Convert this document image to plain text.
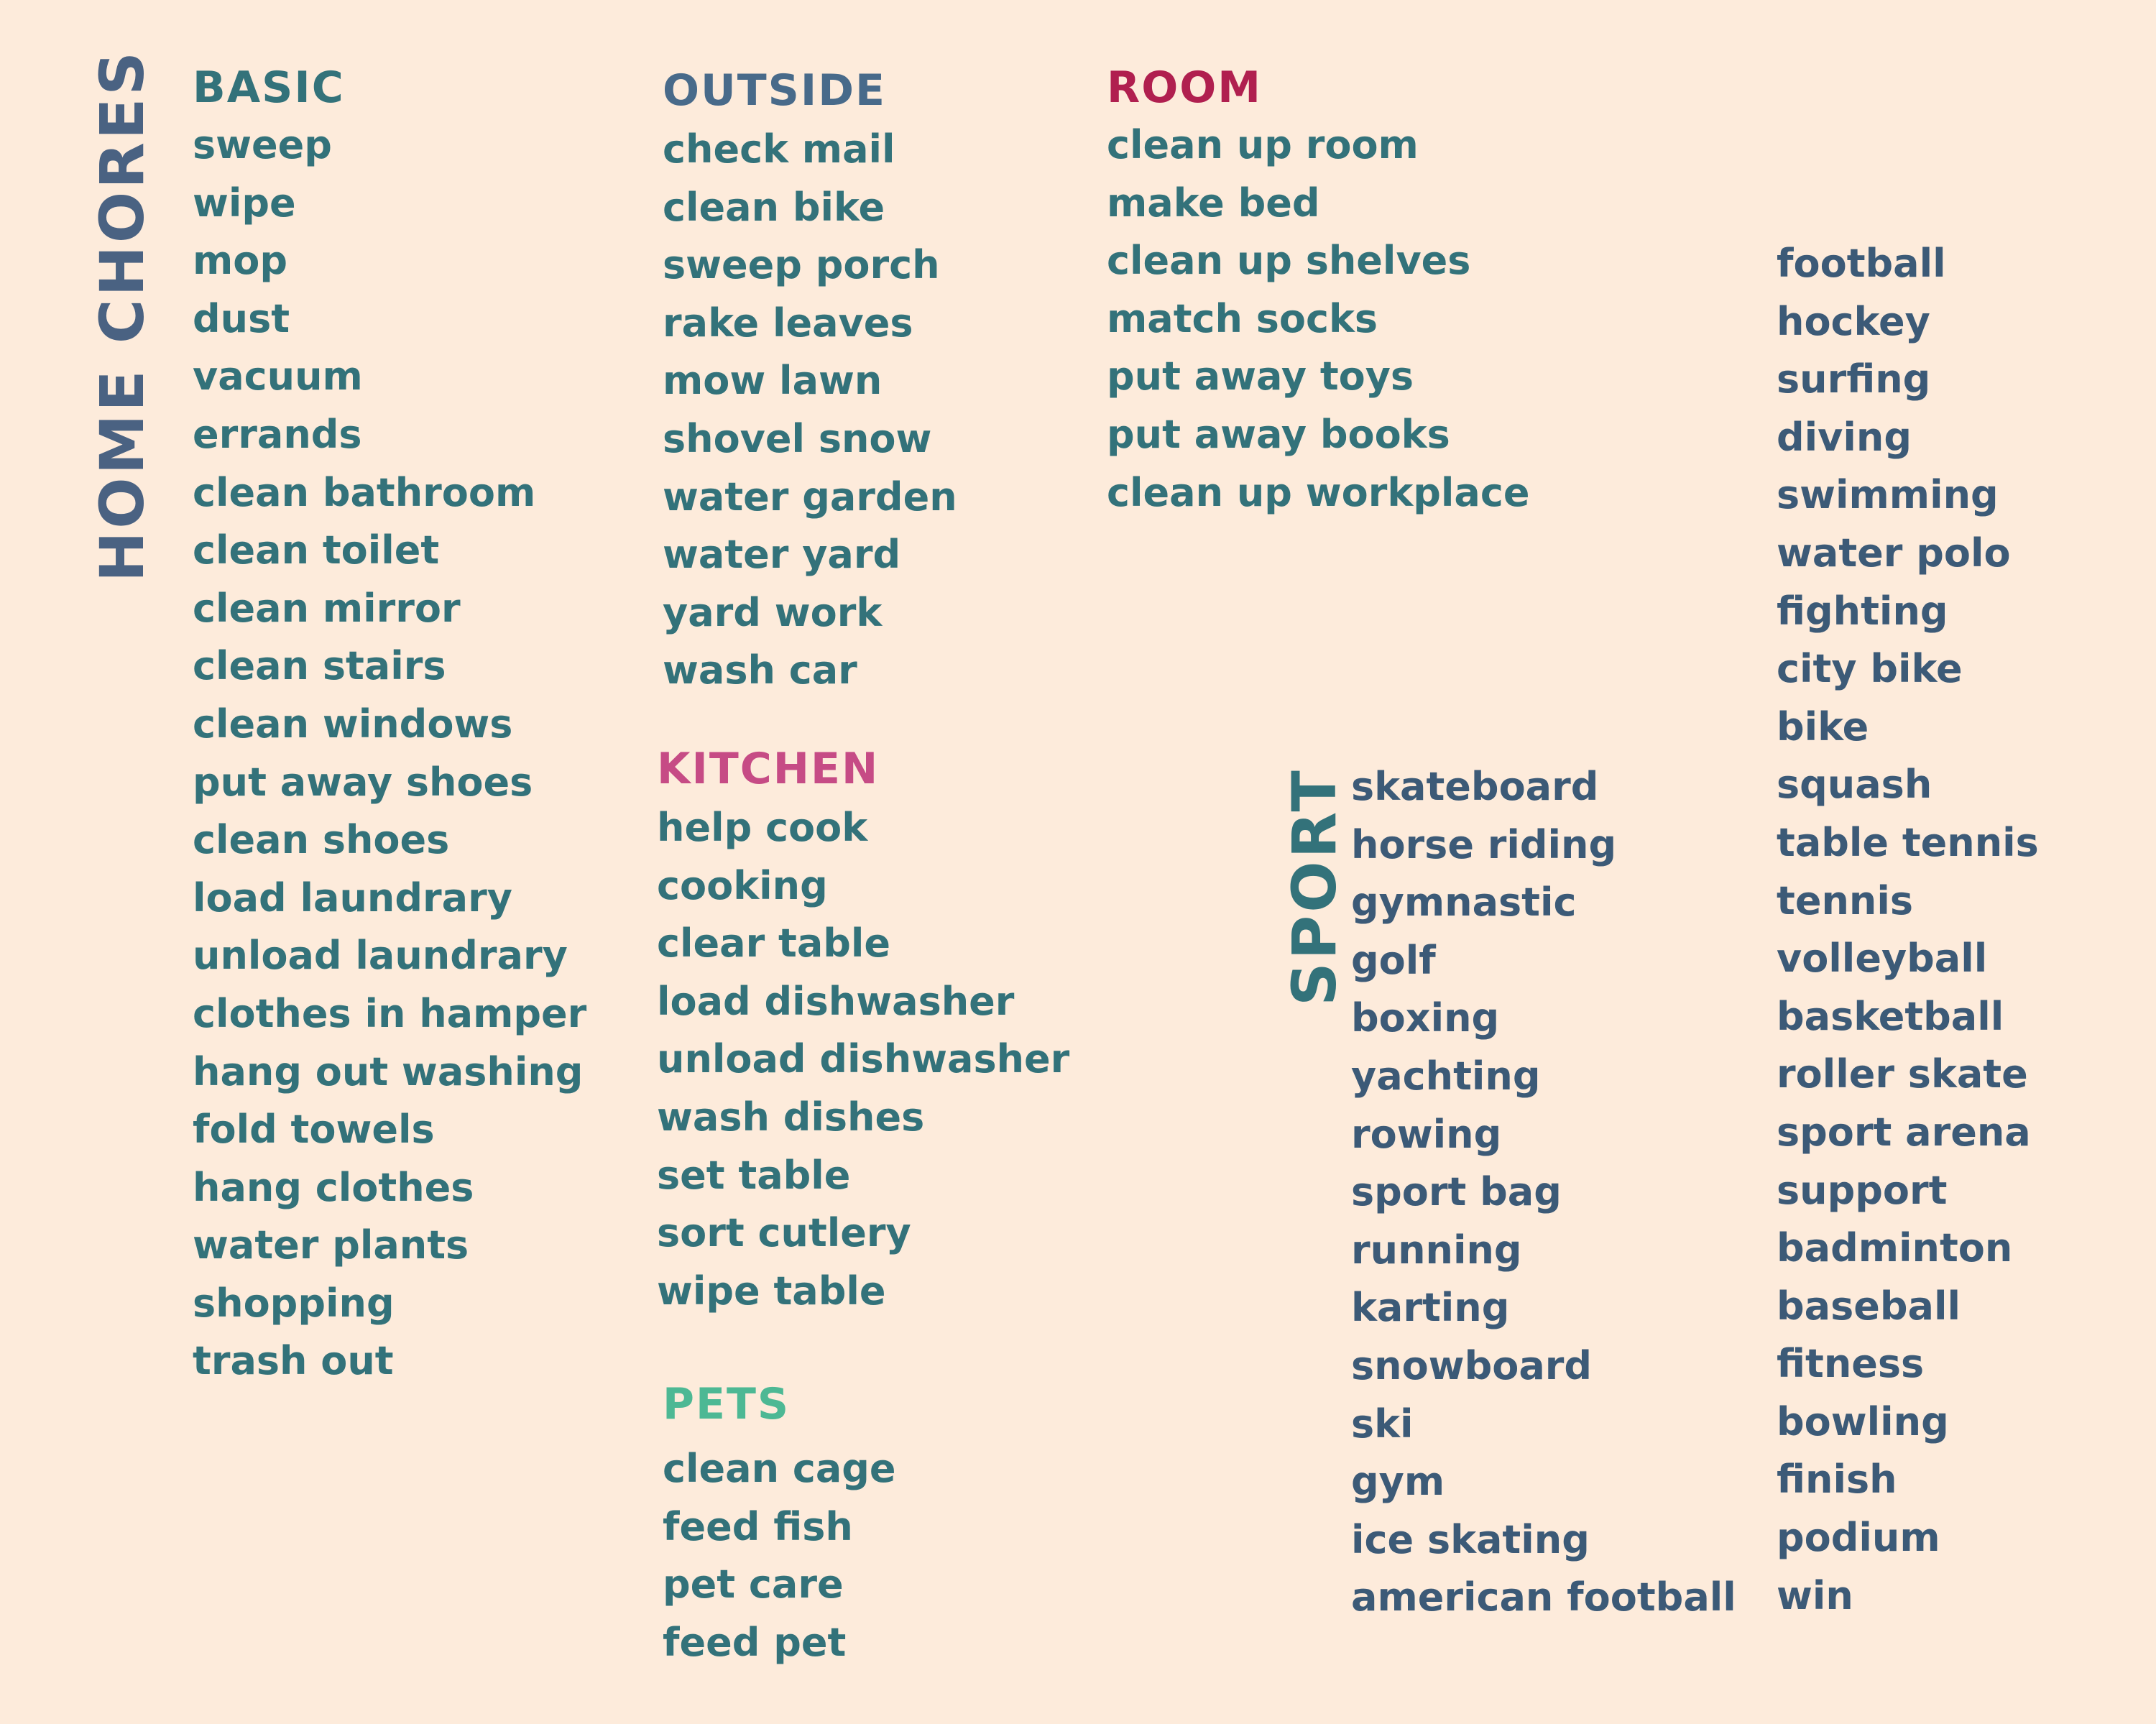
HOME CHORES
SPORT
BASIC
sweep
wipe
mop
dust
vacuum
errands
clean bathroom
clean toilet
clean mirror
clean stairs
clean windows
put away shoes
clean shoes
load laundrary
unload laundrary
clothes in hamper
hang out washing
fold towels
hang clothes
water plants
shopping
trash out
OUTSIDE
check mail
clean bike
sweep porch
rake leaves
mow lawn
shovel snow
water garden
water yard
yard work
wash car
ROOM
clean up room
make bed
clean up shelves
match socks
put away toys
put away books
clean up workplace
KITCHEN
help cook
cooking
clear table
load dishwasher
unload dishwasher
wash dishes
set table
sort cutlery
wipe table
PETS
clean cage
feed fish
pet care
feed pet
skateboard
horse riding
gymnastic
golf
boxing
yachting
rowing
sport bag
running
karting
snowboard
ski
gym
ice skating
american football
football
hockey
surfing
diving
swimming
water polo
fighting
city bike
bike
squash
table tennis
tennis
volleyball
basketball
roller skate
sport arena
support
badminton
baseball
fitness
bowling
finish
podium
win
